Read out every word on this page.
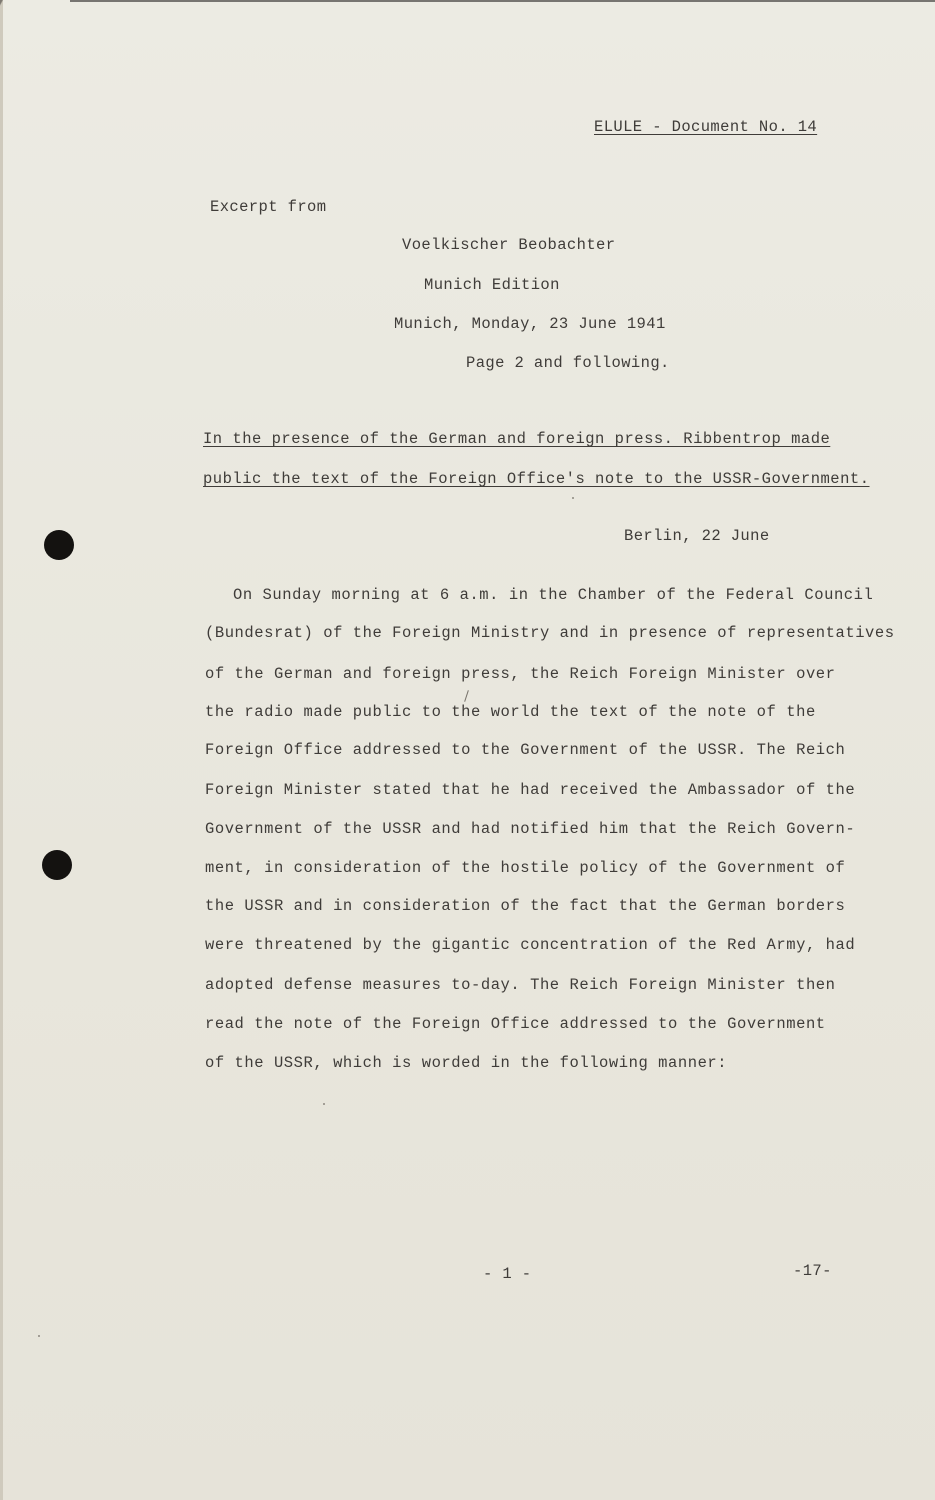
ELULE - Document No. 14
Excerpt from
Voelkischer Beobachter
Munich Edition
Munich, Monday, 23 June 1941
Page 2 and following.
In the presence of the German and foreign press. Ribbentrop made
public the text of the Foreign Office's note to the USSR-Government.
Berlin, 22 June
On Sunday morning at 6 a.m. in the Chamber of the Federal Council
(Bundesrat) of the Foreign Ministry and in presence of representatives
of the German and foreign press, the Reich Foreign Minister over
the radio made public to the world the text of the note of the
Foreign Office addressed to the Government of the USSR. The Reich
Foreign Minister stated that he had received the Ambassador of the
Government of the USSR and had notified him that the Reich Govern-
ment, in consideration of the hostile policy of the Government of
the USSR and in consideration of the fact that the German borders
were threatened by the gigantic concentration of the Red Army, had
adopted defense measures to-day. The Reich Foreign Minister then
read the note of the Foreign Office addressed to the Government
of the USSR, which is worded in the following manner:
- 1 -	-17-
